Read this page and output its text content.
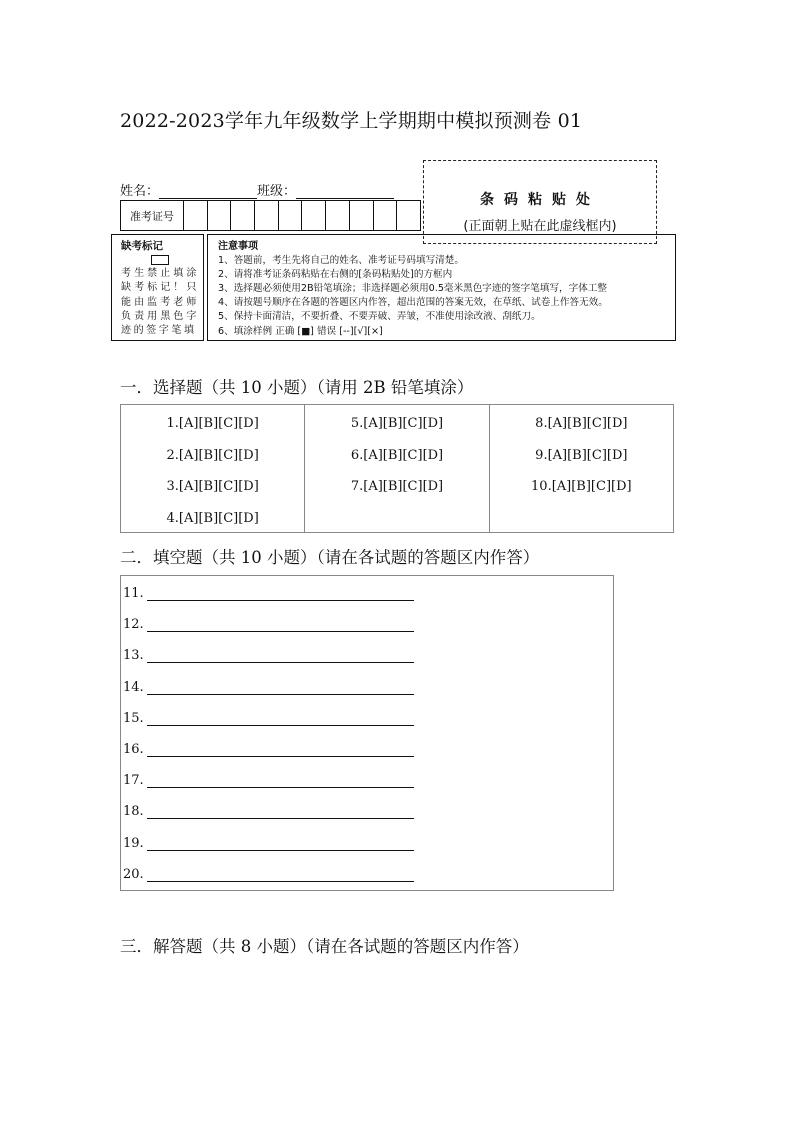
2022-2023学年九年级数学上学期期中模拟预测卷 01
姓名：	班级：
条码粘贴处
(正面朝上贴在此虚线框内)
准考证号
缺考标记
考生禁止填涂缺考标记！只能由监考老师负责用黑色字迹的签字笔填
注意事项
1、答题前，考生先将自己的姓名、准考证号码填写清楚。
2、请将准考证条码粘贴在右侧的[条码粘贴处]的方框内
3、选择题必须使用2B铅笔填涂；非选择题必须用0.5毫米黑色字迹的签字笔填写，字体工整
4、请按题号顺序在各题的答题区内作答，超出范围的答案无效，在草纸、试卷上作答无效。
5、保持卡面清洁，不要折叠、不要弄破、弄皱，不准使用涂改液、刮纸刀。
6、填涂样例 正确 [■] 错误 [--][√][×]
一．选择题（共 10 小题）（请用 2B 铅笔填涂）
1.[A][B][C][D]
2.[A][B][C][D]
3.[A][B][C][D]
4.[A][B][C][D]
5.[A][B][C][D]
6.[A][B][C][D]
7.[A][B][C][D]
8.[A][B][C][D]
9.[A][B][C][D]
10.[A][B][C][D]
二．填空题（共 10 小题）（请在各试题的答题区内作答）
11.
12.
13.
14.
15.
16.
17.
18.
19.
20.
三．解答题（共 8 小题）（请在各试题的答题区内作答）
